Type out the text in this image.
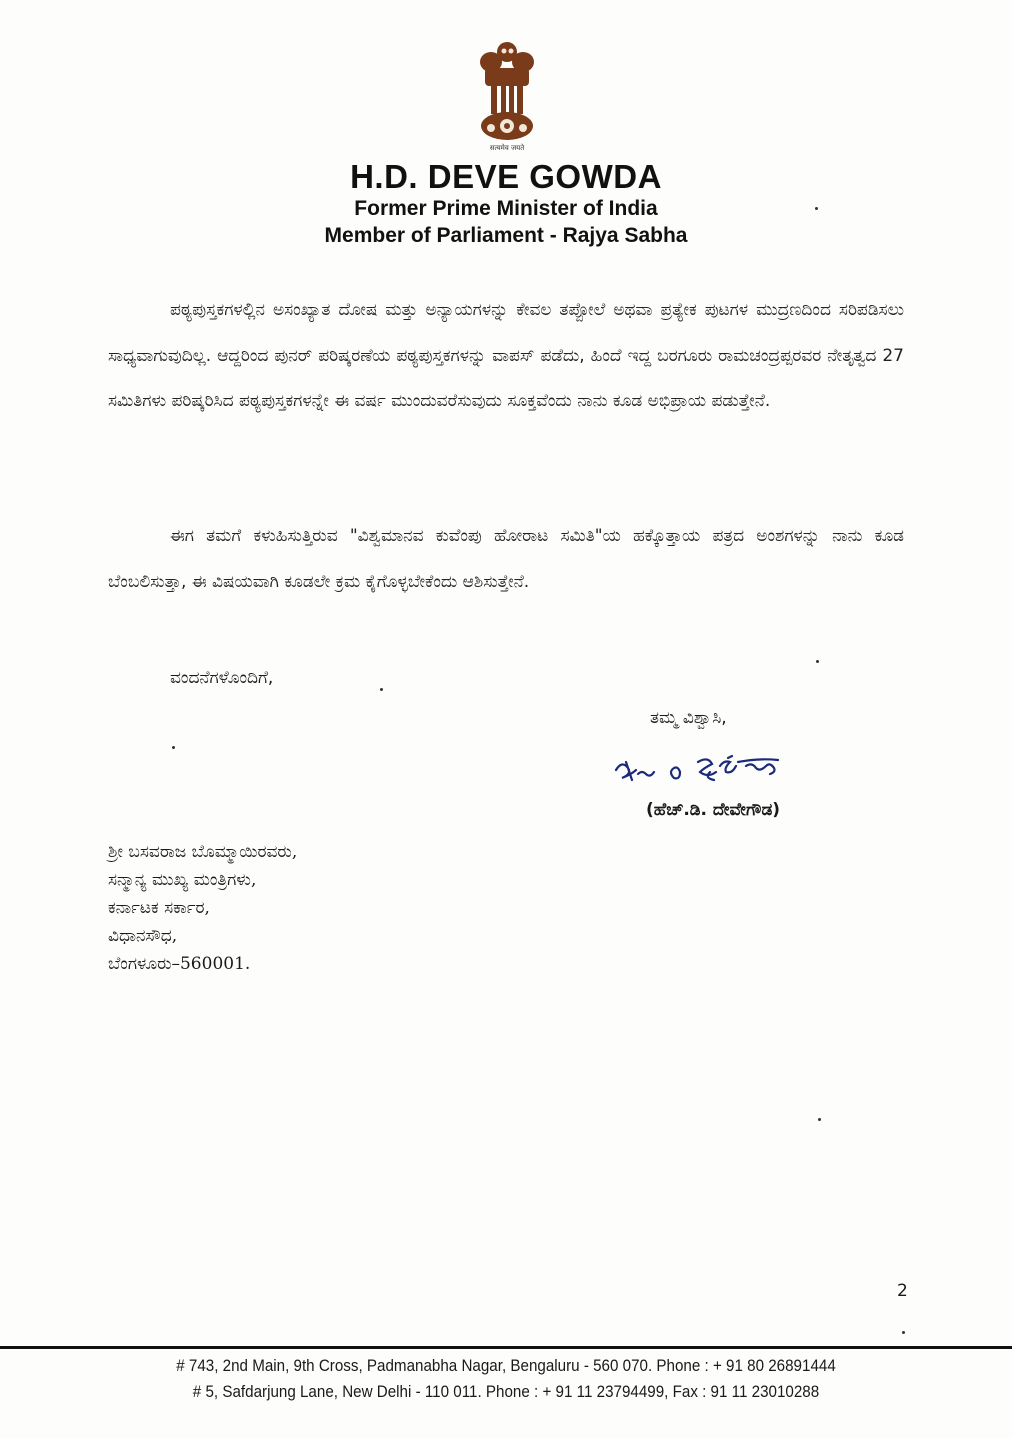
सत्यमेव जयते
H.D. DEVE GOWDA
Former Prime Minister of India
Member of Parliament - Rajya Sabha
ಪಠ್ಯಪುಸ್ತಕಗಳಲ್ಲಿನ ಅಸಂಖ್ಯಾತ ದೋಷ ಮತ್ತು ಅನ್ಯಾಯಗಳನ್ನು ಕೇವಲ ತಪ್ಪೋಲೆ ಅಥವಾ ಪ್ರತ್ಯೇಕ ಪುಟಗಳ ಮುದ್ರಣದಿಂದ ಸರಿಪಡಿಸಲು ಸಾಧ್ಯವಾಗುವುದಿಲ್ಲ. ಆದ್ದರಿಂದ ಪುನರ್ ಪರಿಷ್ಕರಣೆಯ ಪಠ್ಯಪುಸ್ತಕಗಳನ್ನು ವಾಪಸ್ ಪಡೆದು, ಹಿಂದೆ ಇದ್ದ ಬರಗೂರು ರಾಮಚಂದ್ರಪ್ಪರವರ ನೇತೃತ್ವದ 27 ಸಮಿತಿಗಳು ಪರಿಷ್ಕರಿಸಿದ ಪಠ್ಯಪುಸ್ತಕಗಳನ್ನೇ ಈ ವರ್ಷ ಮುಂದುವರೆಸುವುದು ಸೂಕ್ತವೆಂದು ನಾನು ಕೂಡ ಅಭಿಪ್ರಾಯ ಪಡುತ್ತೇನೆ.
ಈಗ ತಮಗೆ ಕಳುಹಿಸುತ್ತಿರುವ "ವಿಶ್ವಮಾನವ ಕುವೆಂಪು ಹೋರಾಟ ಸಮಿತಿ"ಯ ಹಕ್ಕೊತ್ತಾಯ ಪತ್ರದ ಅಂಶಗಳನ್ನು ನಾನು ಕೂಡ ಬೆಂಬಲಿಸುತ್ತಾ, ಈ ವಿಷಯವಾಗಿ ಕೂಡಲೇ ಕ್ರಮ ಕೈಗೊಳ್ಳಬೇಕೆಂದು ಆಶಿಸುತ್ತೇನೆ.
ವಂದನೆಗಳೊಂದಿಗೆ,
ತಮ್ಮ ವಿಶ್ವಾಸಿ,
(ಹೆಚ್.ಡಿ. ದೇವೇಗೌಡ)
ಶ್ರೀ ಬಸವರಾಜ ಬೊಮ್ಮಾಯಿರವರು,
ಸನ್ಮಾನ್ಯ ಮುಖ್ಯ ಮಂತ್ರಿಗಳು,
ಕರ್ನಾಟಕ ಸರ್ಕಾರ,
ವಿಧಾನಸೌಧ,
ಬೆಂಗಳೂರು–560001.
2
# 743, 2nd Main, 9th Cross, Padmanabha Nagar, Bengaluru - 560 070. Phone : + 91 80 26891444
# 5, Safdarjung Lane, New Delhi - 110 011. Phone : + 91 11 23794499, Fax : 91 11 23010288
